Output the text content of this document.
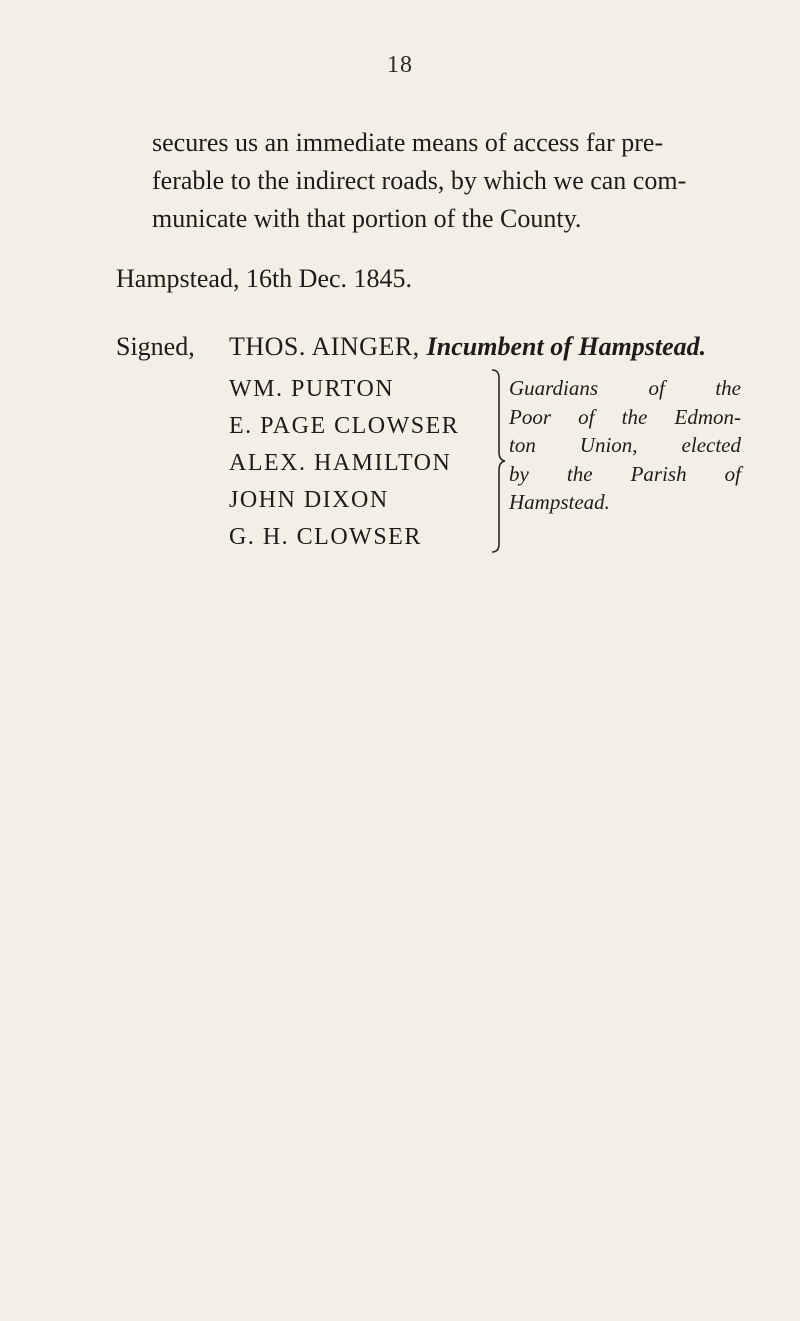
18
secures us an immediate means of access far pre-
ferable to the indirect roads, by which we can com-
municate with that portion of the County.
Hampstead, 16th Dec. 1845.
Signed, THOS. AINGER, Incumbent of Hampstead.
WM. PURTON
E. PAGE CLOWSER
ALEX. HAMILTON
JOHN DIXON
G. H. CLOWSER
Guardians of the
Poor of the Edmon-
ton Union, elected
by the Parish of
Hampstead.
